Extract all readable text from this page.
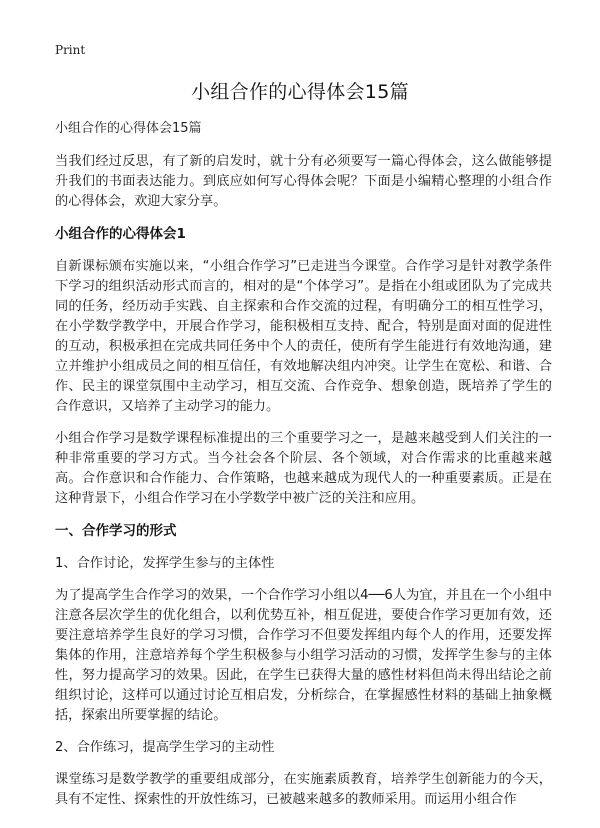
Print
小组合作的心得体会15篇

小组合作的心得体会15篇

当我们经过反思，有了新的启发时，就十分有必须要写一篇心得体会，这么做能够提升我们的书面表达能力。到底应如何写心得体会呢？下面是小编精心整理的小组合作的心得体会，欢迎大家分享。

小组合作的心得体会1

自新课标颁布实施以来，“小组合作学习”已走进当今课堂。合作学习是针对教学条件下学习的组织活动形式而言的，相对的是“个体学习”。是指在小组或团队为了完成共同的任务，经历动手实践、自主探索和合作交流的过程，有明确分工的相互性学习，在小学数学教学中，开展合作学习，能积极相互支持、配合，特别是面对面的促进性的互动，积极承担在完成共同任务中个人的责任，使所有学生能进行有效地沟通，建立并维护小组成员之间的相互信任，有效地解决组内冲突。让学生在宽松、和谐、合作、民主的课堂氛围中主动学习，相互交流、合作竞争、想象创造，既培养了学生的合作意识，又培养了主动学习的能力。

小组合作学习是数学课程标准提出的三个重要学习之一，是越来越受到人们关注的一种非常重要的学习方式。当今社会各个阶层、各个领域，对合作需求的比重越来越高。合作意识和合作能力、合作策略，也越来越成为现代人的一种重要素质。正是在这种背景下，小组合作学习在小学数学中被广泛的关注和应用。

一、合作学习的形式

1、合作讨论，发挥学生参与的主体性

为了提高学生合作学习的效果，一个合作学习小组以4──6人为宜，并且在一个小组中注意各层次学生的优化组合，以利优势互补，相互促进，要使合作学习更加有效，还要注意培养学生良好的学习习惯，合作学习不但要发挥组内每个人的作用，还要发挥集体的作用，注意培养每个学生积极参与小组学习活动的习惯，发挥学生参与的主体性，努力提高学习的效果。因此，在学生已获得大量的感性材料但尚未得出结论之前组织讨论，这样可以通过讨论互相启发，分析综合，在掌握感性材料的基础上抽象概括，探索出所要掌握的结论。

2、合作练习，提高学生学习的主动性

课堂练习是数学教学的重要组成部分，在实施素质教育，培养学生创新能力的今天，具有不定性、探索性的开放性练习，已被越来越多的教师采用。而运用小组合作
